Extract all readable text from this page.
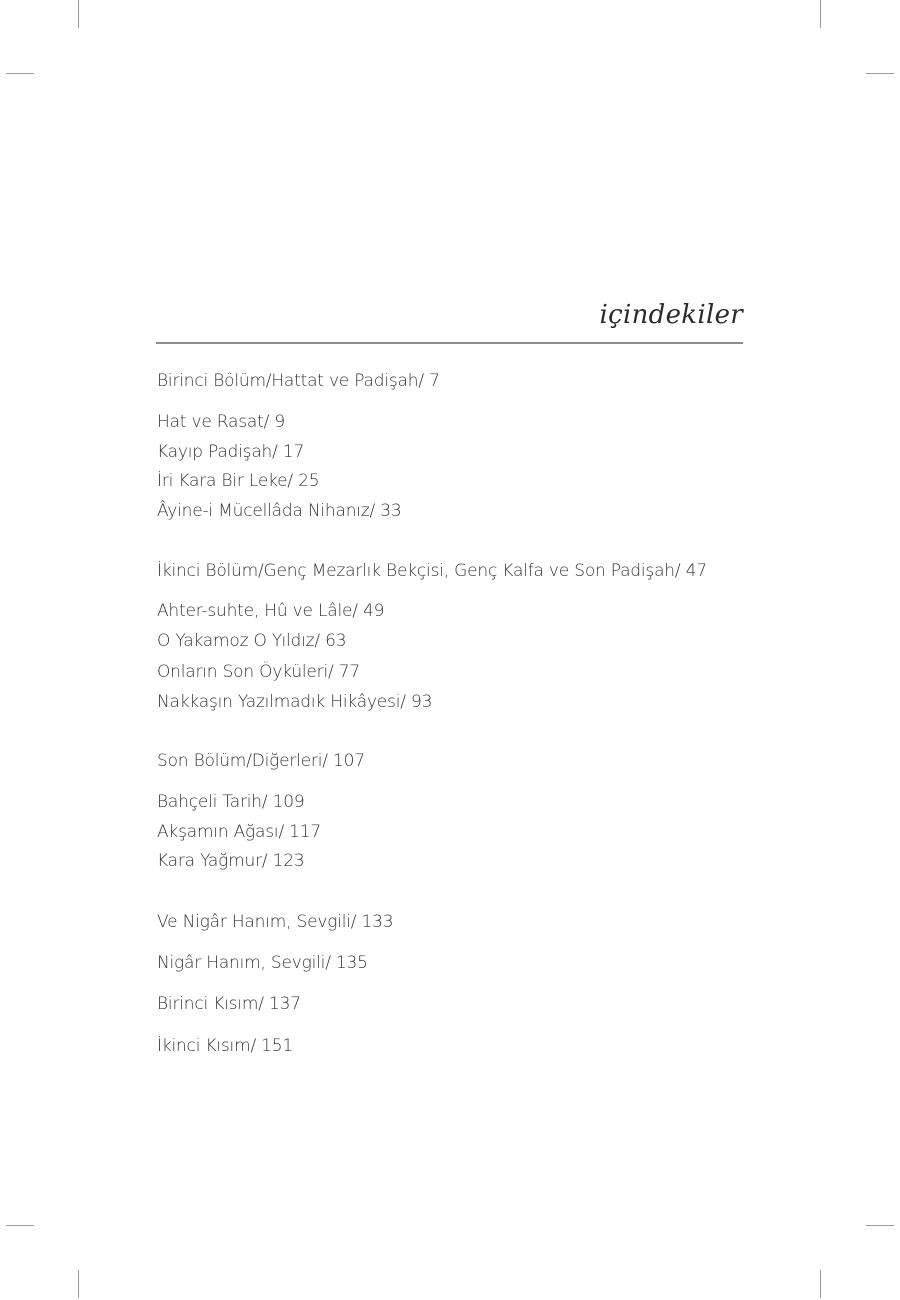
içindekiler
Birinci Bölüm/Hattat ve Padişah/ 7
Hat ve Rasat/ 9
Kayıp Padişah/ 17
İri Kara Bir Leke/ 25
Âyine-i Mücellâda Nihanız/ 33
İkinci Bölüm/Genç Mezarlık Bekçisi, Genç Kalfa ve Son Padişah/ 47
Ahter-suhte, Hû ve Lâle/ 49
O Yakamoz O Yıldız/ 63
Onların Son Öyküleri/ 77
Nakkaşın Yazılmadık Hikâyesi/ 93
Son Bölüm/Diğerleri/ 107
Bahçeli Tarih/ 109
Akşamın Ağası/ 117
Kara Yağmur/ 123
Ve Nigâr Hanım, Sevgili/ 133
Nigâr Hanım, Sevgili/ 135
Birinci Kısım/ 137
İkinci Kısım/ 151
